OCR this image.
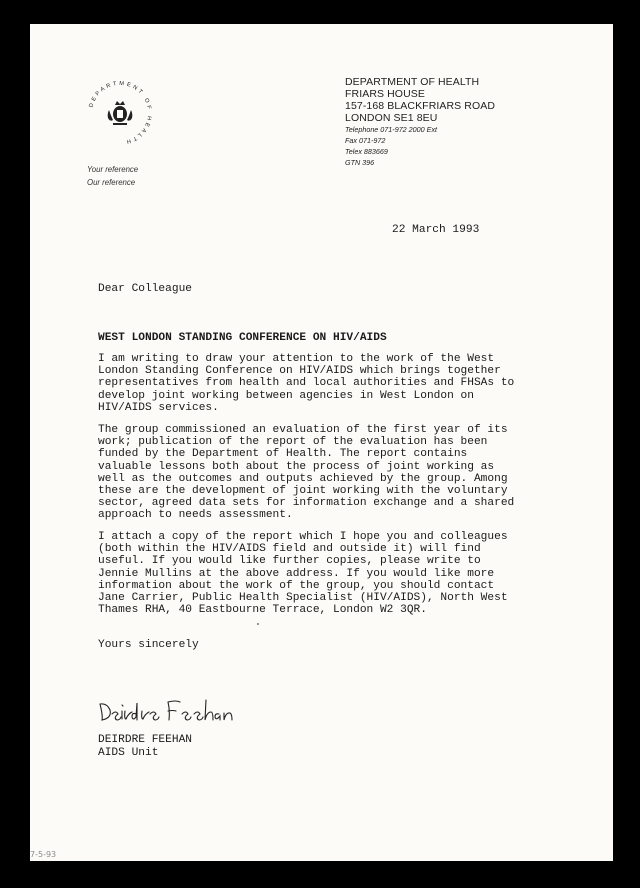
DEPARTMENT OF HEALTH
DEPARTMENT OF HEALTH
FRIARS HOUSE
157-168 BLACKFRIARS ROAD
LONDON SE1 8EU
Telephone 071-972 2000 Ext
Fax 071-972
Telex 883669
GTN 396
Your reference
Our reference
22 March 1993
Dear Colleague
WEST LONDON STANDING CONFERENCE ON HIV/AIDS
I am writing to draw your attention to the work of the West
London Standing Conference on HIV/AIDS which brings together
representatives from health and local authorities and FHSAs to
develop joint working between agencies in West London on
HIV/AIDS services.
The group commissioned an evaluation of the first year of its
work; publication of the report of the evaluation has been
funded by the Department of Health. The report contains
valuable lessons both about the process of joint working as
well as the outcomes and outputs achieved by the group. Among
these are the development of joint working with the voluntary
sector, agreed data sets for information exchange and a shared
approach to needs assessment.
I attach a copy of the report which I hope you and colleagues
(both within the HIV/AIDS field and outside it) will find
useful. If you would like further copies, please write to
Jennie Mullins at the above address. If you would like more
information about the work of the group, you should contact
Jane Carrier, Public Health Specialist (HIV/AIDS), North West
Thames RHA, 40 Eastbourne Terrace, London W2 3QR.
Yours sincerely
DEIRDRE FEEHAN
AIDS Unit
7-5-93
